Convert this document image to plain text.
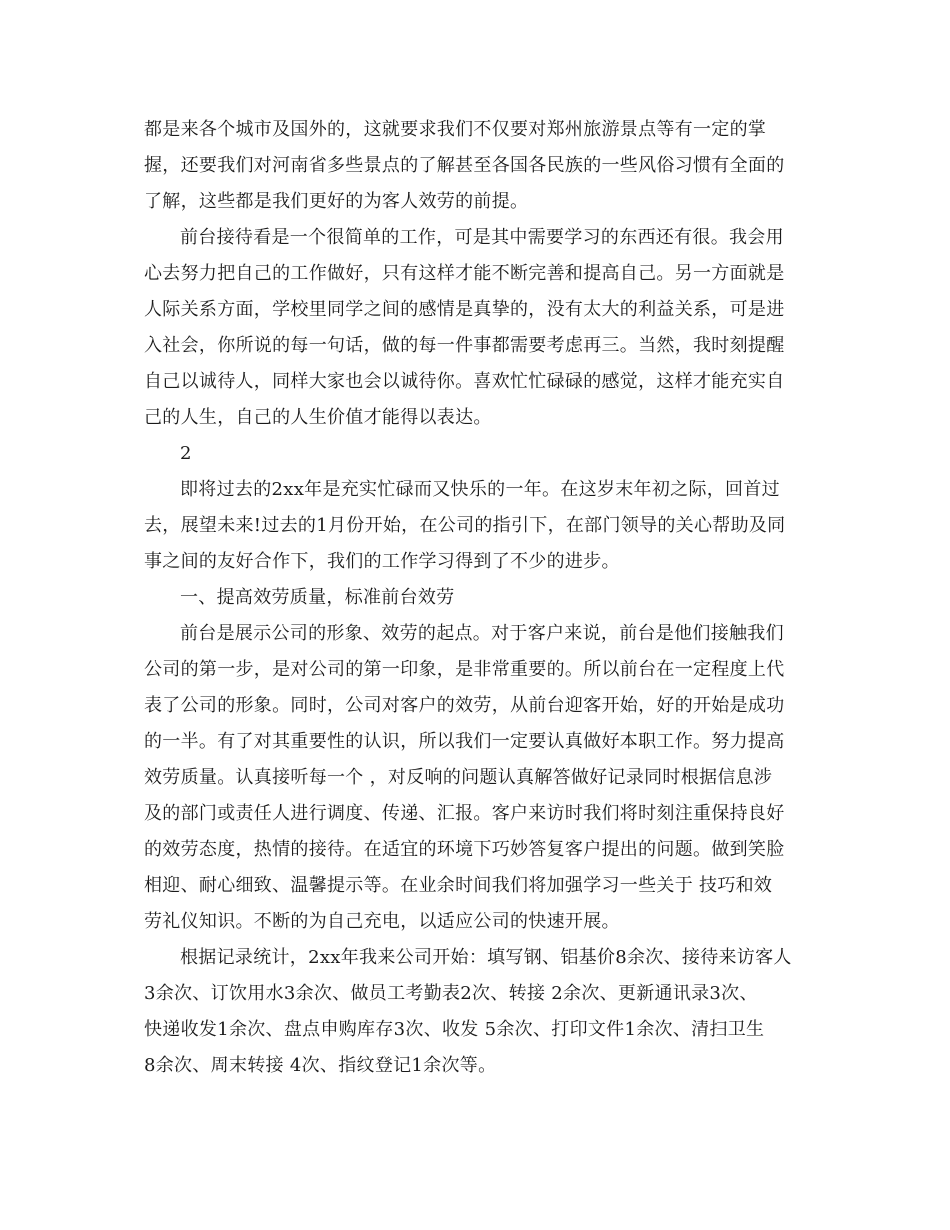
都是来各个城市及国外的，这就要求我们不仅要对郑州旅游景点等有一定的掌

握，还要我们对河南省多些景点的了解甚至各国各民族的一些风俗习惯有全面的

了解，这些都是我们更好的为客人效劳的前提。

前台接待看是一个很简单的工作，可是其中需要学习的东西还有很。我会用

心去努力把自己的工作做好，只有这样才能不断完善和提高自己。另一方面就是

人际关系方面，学校里同学之间的感情是真挚的，没有太大的利益关系，可是进

入社会，你所说的每一句话，做的每一件事都需要考虑再三。当然，我时刻提醒

自己以诚待人，同样大家也会以诚待你。喜欢忙忙碌碌的感觉，这样才能充实自

己的人生，自己的人生价值才能得以表达。

2

即将过去的2xx年是充实忙碌而又快乐的一年。在这岁末年初之际，回首过

去，展望未来!过去的1月份开始，在公司的指引下，在部门领导的关心帮助及同

事之间的友好合作下，我们的工作学习得到了不少的进步。

一、提高效劳质量，标准前台效劳

前台是展示公司的形象、效劳的起点。对于客户来说，前台是他们接触我们

公司的第一步，是对公司的第一印象，是非常重要的。所以前台在一定程度上代

表了公司的形象。同时，公司对客户的效劳，从前台迎客开始，好的开始是成功

的一半。有了对其重要性的认识，所以我们一定要认真做好本职工作。努力提高

效劳质量。认真接听每一个 ，对反响的问题认真解答做好记录同时根据信息涉

及的部门或责任人进行调度、传递、汇报。客户来访时我们将时刻注重保持良好

的效劳态度，热情的接待。在适宜的环境下巧妙答复客户提出的问题。做到笑脸

相迎、耐心细致、温馨提示等。在业余时间我们将加强学习一些关于 技巧和效

劳礼仪知识。不断的为自己充电，以适应公司的快速开展。

根据记录统计，2xx年我来公司开始：填写钢、铝基价8余次、接待来访客人

3余次、订饮用水3余次、做员工考勤表2次、转接 2余次、更新通讯录3次、

快递收发1余次、盘点申购库存3次、收发 5余次、打印文件1余次、清扫卫生

8余次、周末转接 4次、指纹登记1余次等。
